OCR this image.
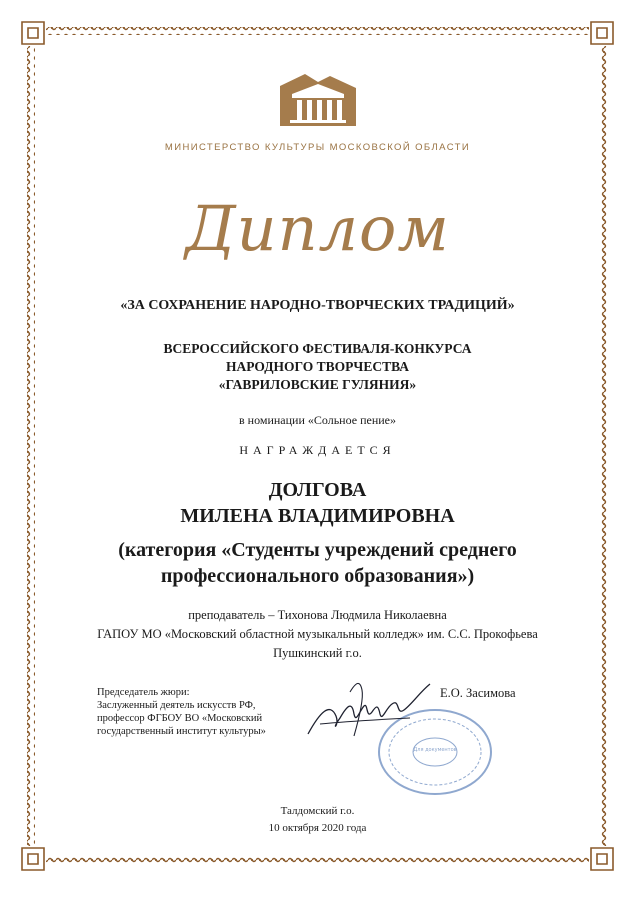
МИНИСТЕРСТВО КУЛЬТУРЫ МОСКОВСКОЙ ОБЛАСТИ
Диплом
«ЗА СОХРАНЕНИЕ НАРОДНО-ТВОРЧЕСКИХ ТРАДИЦИЙ»
ВСЕРОССИЙСКОГО ФЕСТИВАЛЯ-КОНКУРСА
НАРОДНОГО ТВОРЧЕСТВА
«ГАВРИЛОВСКИЕ ГУЛЯНИЯ»
в номинации «Сольное пение»
НАГРАЖДАЕТСЯ
ДОЛГОВА
МИЛЕНА ВЛАДИМИРОВНА
(категория «Студенты учреждений среднего
профессионального образования»)
преподаватель – Тихонова Людмила Николаевна
ГАПОУ МО «Московский областной музыкальный колледж» им. С.С. Прокофьева
Пушкинский г.о.
Председатель жюри:
Заслуженный деятель искусств РФ,
профессор ФГБОУ ВО «Московский
государственный институт культуры»
Для документов
Е.О. Засимова
Талдомский г.о.
10 октября 2020 года
